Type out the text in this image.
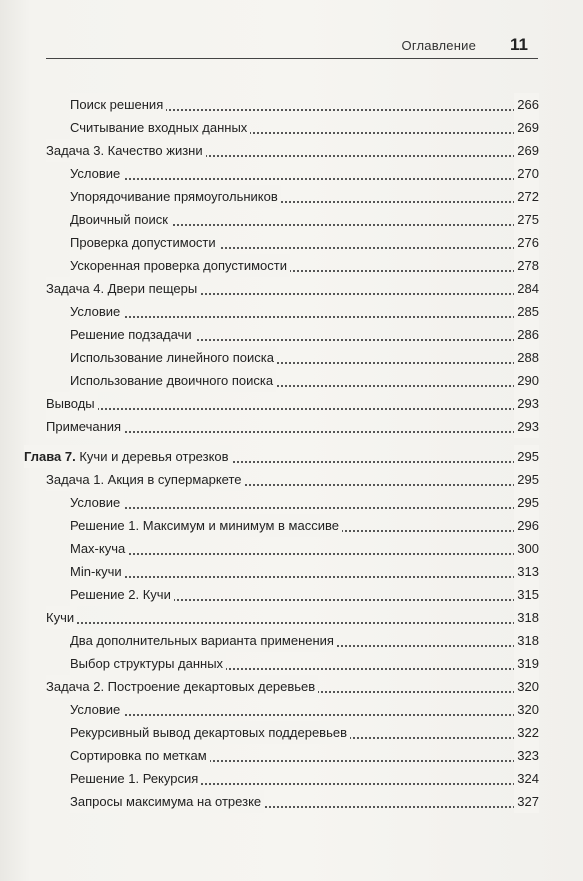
Оглавление 11
Поиск решения	266
Считывание входных данных	269
Задача 3. Качество жизни	269
Условие	270
Упорядочивание прямоугольников	272
Двоичный поиск	275
Проверка допустимости	276
Ускоренная проверка допустимости	278
Задача 4. Двери пещеры	284
Условие	285
Решение подзадачи	286
Использование линейного поиска	288
Использование двоичного поиска	290
Выводы	293
Примечания	293
Глава 7. Кучи и деревья отрезков	295
Задача 1. Акция в супермаркете	295
Условие	295
Решение 1. Максимум и минимум в массиве	296
Max-куча	300
Min-кучи	313
Решение 2. Кучи	315
Кучи	318
Два дополнительных варианта применения	318
Выбор структуры данных	319
Задача 2. Построение декартовых деревьев	320
Условие	320
Рекурсивный вывод декартовых поддеревьев	322
Сортировка по меткам	323
Решение 1. Рекурсия	324
Запросы максимума на отрезке	327
